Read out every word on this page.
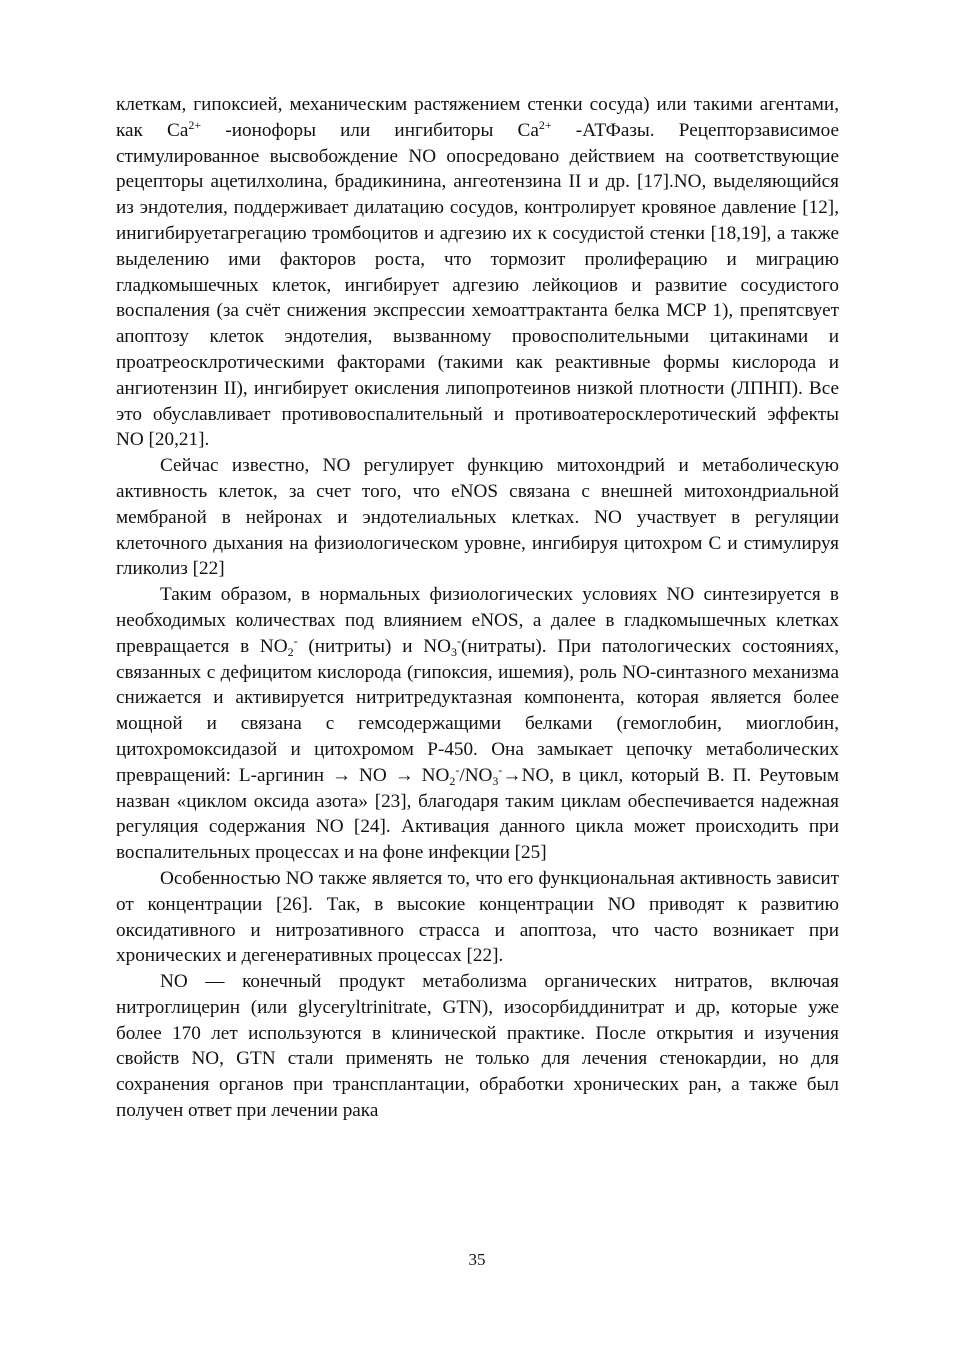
клеткам, гипоксией, механическим растяжением стенки сосуда) или такими агентами, как $Ca^{2+}$ -ионофоры или ингибиторы $Ca^{2+}$ -АТФазы. Рецепторзависимое стимулированное высвобождение NO опосредовано действием на соответствующие рецепторы ацетилхолина, брадикинина, ангеотензина II и др. [17].NO, выделяющийся из эндотелия, поддерживает дилатацию сосудов, контролирует кровяное давление [12], инигибируетагрегацию тромбоцитов и адгезию их к сосудистой стенки [18,19], а также выделению ими факторов роста, что тормозит пролиферацию и миграцию гладкомышечных клеток, ингибирует адгезию лейкоциов и развитие сосудистого воспаления (за счёт снижения экспрессии хемоаттрактанта белка MCP 1), препятсвует апоптозу клеток эндотелия, вызванному провосполительными цитакинами и проатреосклротическими факторами (такими как реактивные формы кислорода и ангиотензин II), ингибирует окисления липопротеинов низкой плотности (ЛПНП). Все это обуславливает противовоспалительный и противоатеросклеротический эффекты NO [20,21].

Сейчас известно, NO регулирует функцию митохондрий и метаболическую активность клеток, за счет того, что eNOS связана с внешней митохондриальной мембраной в нейронах и эндотелиальных клетках. NO участвует в регуляции клеточного дыхания на физиологическом уровне, ингибируя цитохром С и стимулируя гликолиз [22]

Таким образом, в нормальных физиологических условиях NO синтезируется в необходимых количествах под влиянием eNOS, а далее в гладкомышечных клетках превращается в $NO_2^-$ (нитриты) и $NO_3^-(нитраты)$. При патологических состояниях, связанных с дефицитом кислорода (гипоксия, ишемия), роль NO-синтазного механизма снижается и активируется нитритредуктазная компонента, которая является более мощной и связана с гемсодержащими белками (гемоглобин, миоглобин, цитохромоксидазой и цитохромом Р-450. Она замыкает цепочку метаболических превращений: L-аргинин → NO → $NO_2^-/NO_3^-\to NO$, в цикл, который В. П. Реутовым назван «циклом оксида азота» [23], благодаря таким циклам обеспечивается надежная регуляция содержания NO [24]. Активация данного цикла может происходить при воспалительных процессах и на фоне инфекции [25]

Особенностью NO также является то, что его функциональная активность зависит от концентрации [26]. Так, в высокие концентрации NO приводят к развитию оксидативного и нитрозативного страсса и апоптоза, что часто возникает при хронических и дегенеративных процессах [22].

NO — конечный продукт метаболизма органических нитратов, включая нитроглицерин (или glyceryltrinitrate, GTN), изосорбиддинитрат и др, которые уже более 170 лет используются в клинической практике. После открытия и изучения свойств NO, GTN стали применять не только для лечения стенокардии, но для сохранения органов при трансплантации, обработки хронических ран, а также был получен ответ при лечении рака

35
